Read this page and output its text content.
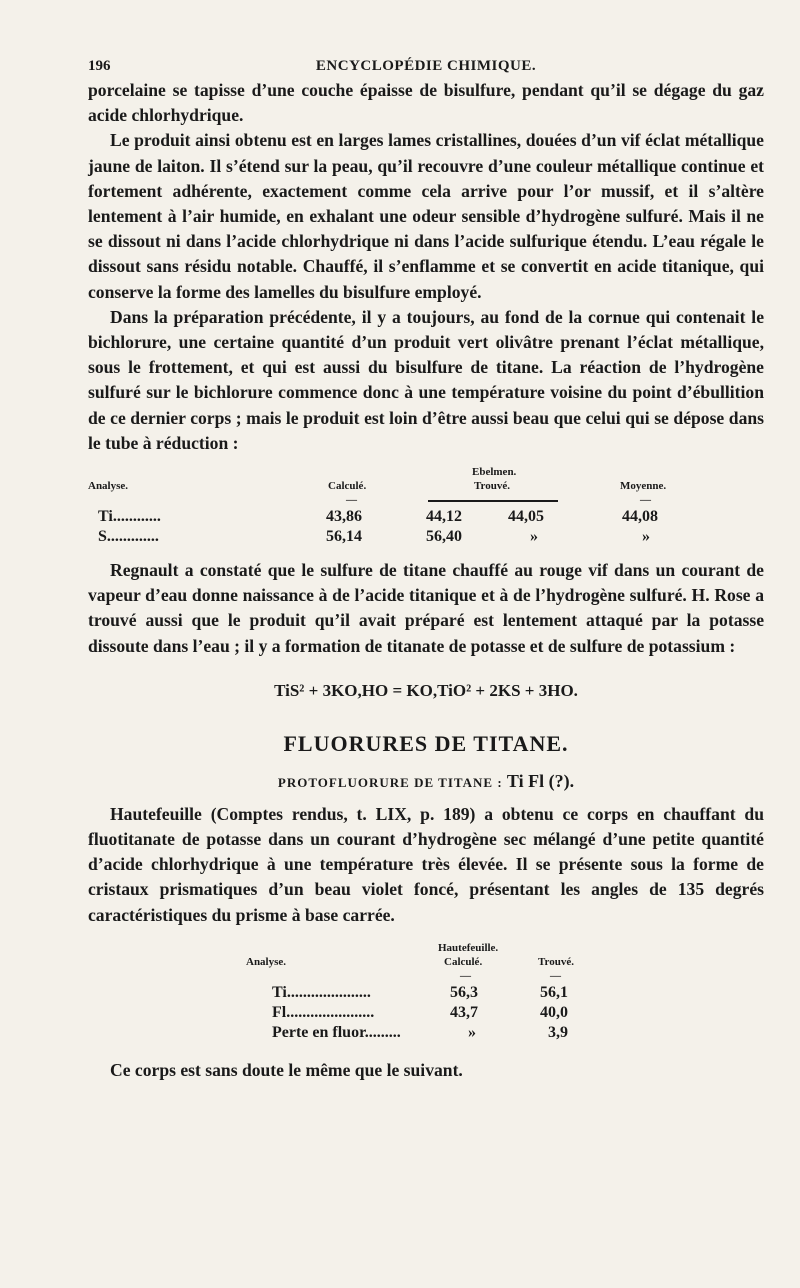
196	ENCYCLOPÉDIE CHIMIQUE.

porcelaine se tapisse d’une couche épaisse de bisulfure, pendant qu’il se dégage du gaz acide chlorhydrique.

Le produit ainsi obtenu est en larges lames cristallines, douées d’un vif éclat métallique jaune de laiton. Il s’étend sur la peau, qu’il recouvre d’une couleur métallique continue et fortement adhérente, exactement comme cela arrive pour l’or mussif, et il s’altère lentement à l’air humide, en exhalant une odeur sensible d’hydrogène sulfuré. Mais il ne se dissout ni dans l’acide chlorhydrique ni dans l’acide sulfurique étendu. L’eau régale le dissout sans résidu notable. Chauffé, il s’enflamme et se convertit en acide titanique, qui conserve la forme des lamelles du bisulfure employé.

Dans la préparation précédente, il y a toujours, au fond de la cornue qui contenait le bichlorure, une certaine quantité d’un produit vert olivâtre prenant l’éclat métallique, sous le frottement, et qui est aussi du bisulfure de titane. La réaction de l’hydrogène sulfuré sur le bichlorure commence donc à une température voisine du point d’ébullition de ce dernier corps ; mais le produit est loin d’être aussi beau que celui qui se dépose dans le tube à réduction :

Ebelmen.
Analyse.	Calculé.	Trouvé.	Moyenne.
—	—
Ti............	43,86	44,12	44,05	44,08
S.............	56,14	56,40	»	»

Regnault a constaté que le sulfure de titane chauffé au rouge vif dans un courant de vapeur d’eau donne naissance à de l’acide titanique et à de l’hydrogène sulfuré. H. Rose a trouvé aussi que le produit qu’il avait préparé est lentement attaqué par la potasse dissoute dans l’eau ; il y a formation de titanate de potasse et de sulfure de potassium :

TiS² + 3KO,HO = KO,TiO² + 2KS + 3HO.
FLUORURES DE TITANE.
PROTOFLUORURE DE TITANE : Ti Fl (?).

Hautefeuille (Comptes rendus, t. LIX, p. 189) a obtenu ce corps en chauffant du fluotitanate de potasse dans un courant d’hydrogène sec mélangé d’une petite quantité d’acide chlorhydrique à une température très élevée. Il se présente sous la forme de cristaux prismatiques d’un beau violet foncé, présentant les angles de 135 degrés caractéristiques du prisme à base carrée.

Hautefeuille.
Analyse.	Calculé.	Trouvé.
—	—
Ti.....................	56,3	56,1
Fl......................	43,7	40,0
Perte en fluor.........	»	3,9

Ce corps est sans doute le même que le suivant.
